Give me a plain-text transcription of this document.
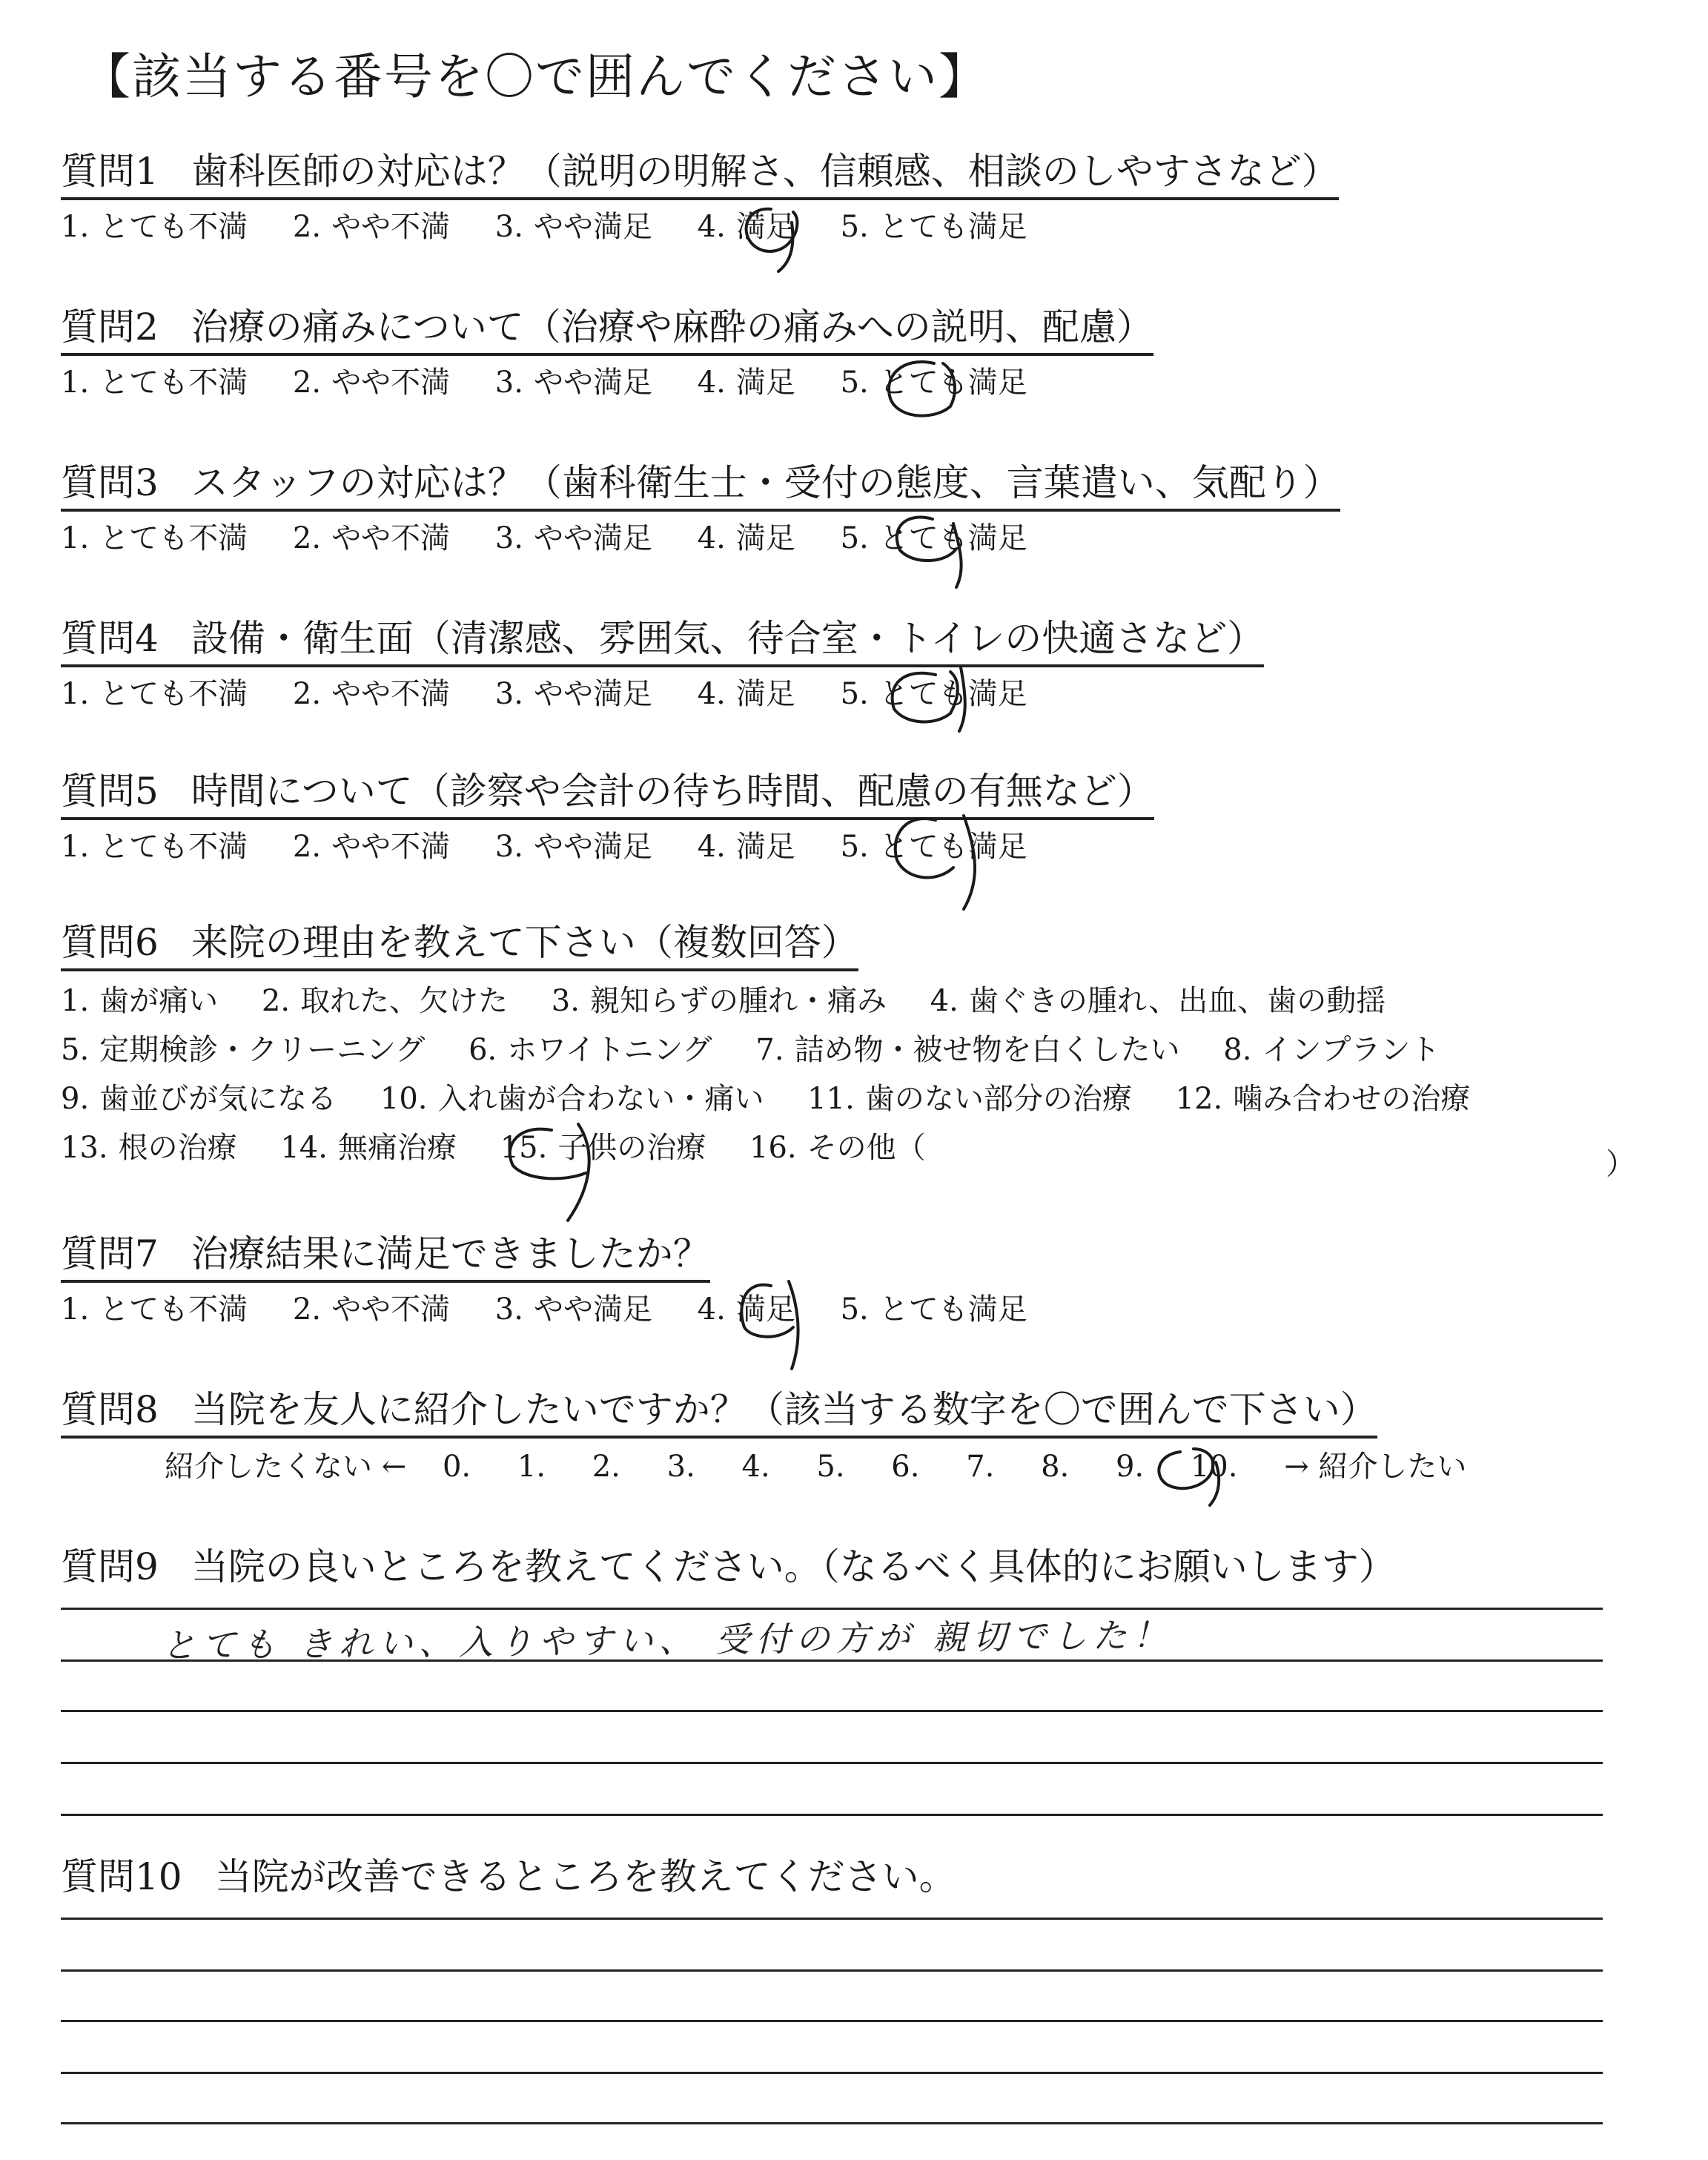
【該当する番号を〇で囲んでください】
質問1 歯科医師の対応は？（説明の明解さ、信頼感、相談のしやすさなど）
1. とても不満 2. やや不満 3. やや満足 4. 満足 5. とても満足
質問2 治療の痛みについて（治療や麻酔の痛みへの説明、配慮）
1. とても不満 2. やや不満 3. やや満足 4. 満足 5. とても満足
質問3 スタッフの対応は？（歯科衛生士・受付の態度、言葉遣い、気配り）
1. とても不満 2. やや不満 3. やや満足 4. 満足 5. とても満足
質問4 設備・衛生面（清潔感、雰囲気、待合室・トイレの快適さなど）
1. とても不満 2. やや不満 3. やや満足 4. 満足 5. とても満足
質問5 時間について（診察や会計の待ち時間、配慮の有無など）
1. とても不満 2. やや不満 3. やや満足 4. 満足 5. とても満足
質問6 来院の理由を教えて下さい（複数回答）
1. 歯が痛い 2. 取れた、欠けた 3. 親知らずの腫れ・痛み 4. 歯ぐきの腫れ、出血、歯の動揺
5. 定期検診・クリーニング 6. ホワイトニング 7. 詰め物・被せ物を白くしたい 8. インプラント
9. 歯並びが気になる 10. 入れ歯が合わない・痛い 11. 歯のない部分の治療 12. 噛み合わせの治療
13. 根の治療 14. 無痛治療 15. 子供の治療 16. その他（	）
質問7 治療結果に満足できましたか？
1. とても不満 2. やや不満 3. やや満足 4. 満足 5. とても満足
質問8 当院を友人に紹介したいですか？（該当する数字を〇で囲んで下さい）
紹介したくない ← 0. 1. 2. 3. 4. 5. 6. 7. 8. 9. 10. → 紹介したい
質問9 当院の良いところを教えてください。（なるべく具体的にお願いします）
とても きれい、入りやすい、 受付の方が 親切でした！
質問10 当院が改善できるところを教えてください。
